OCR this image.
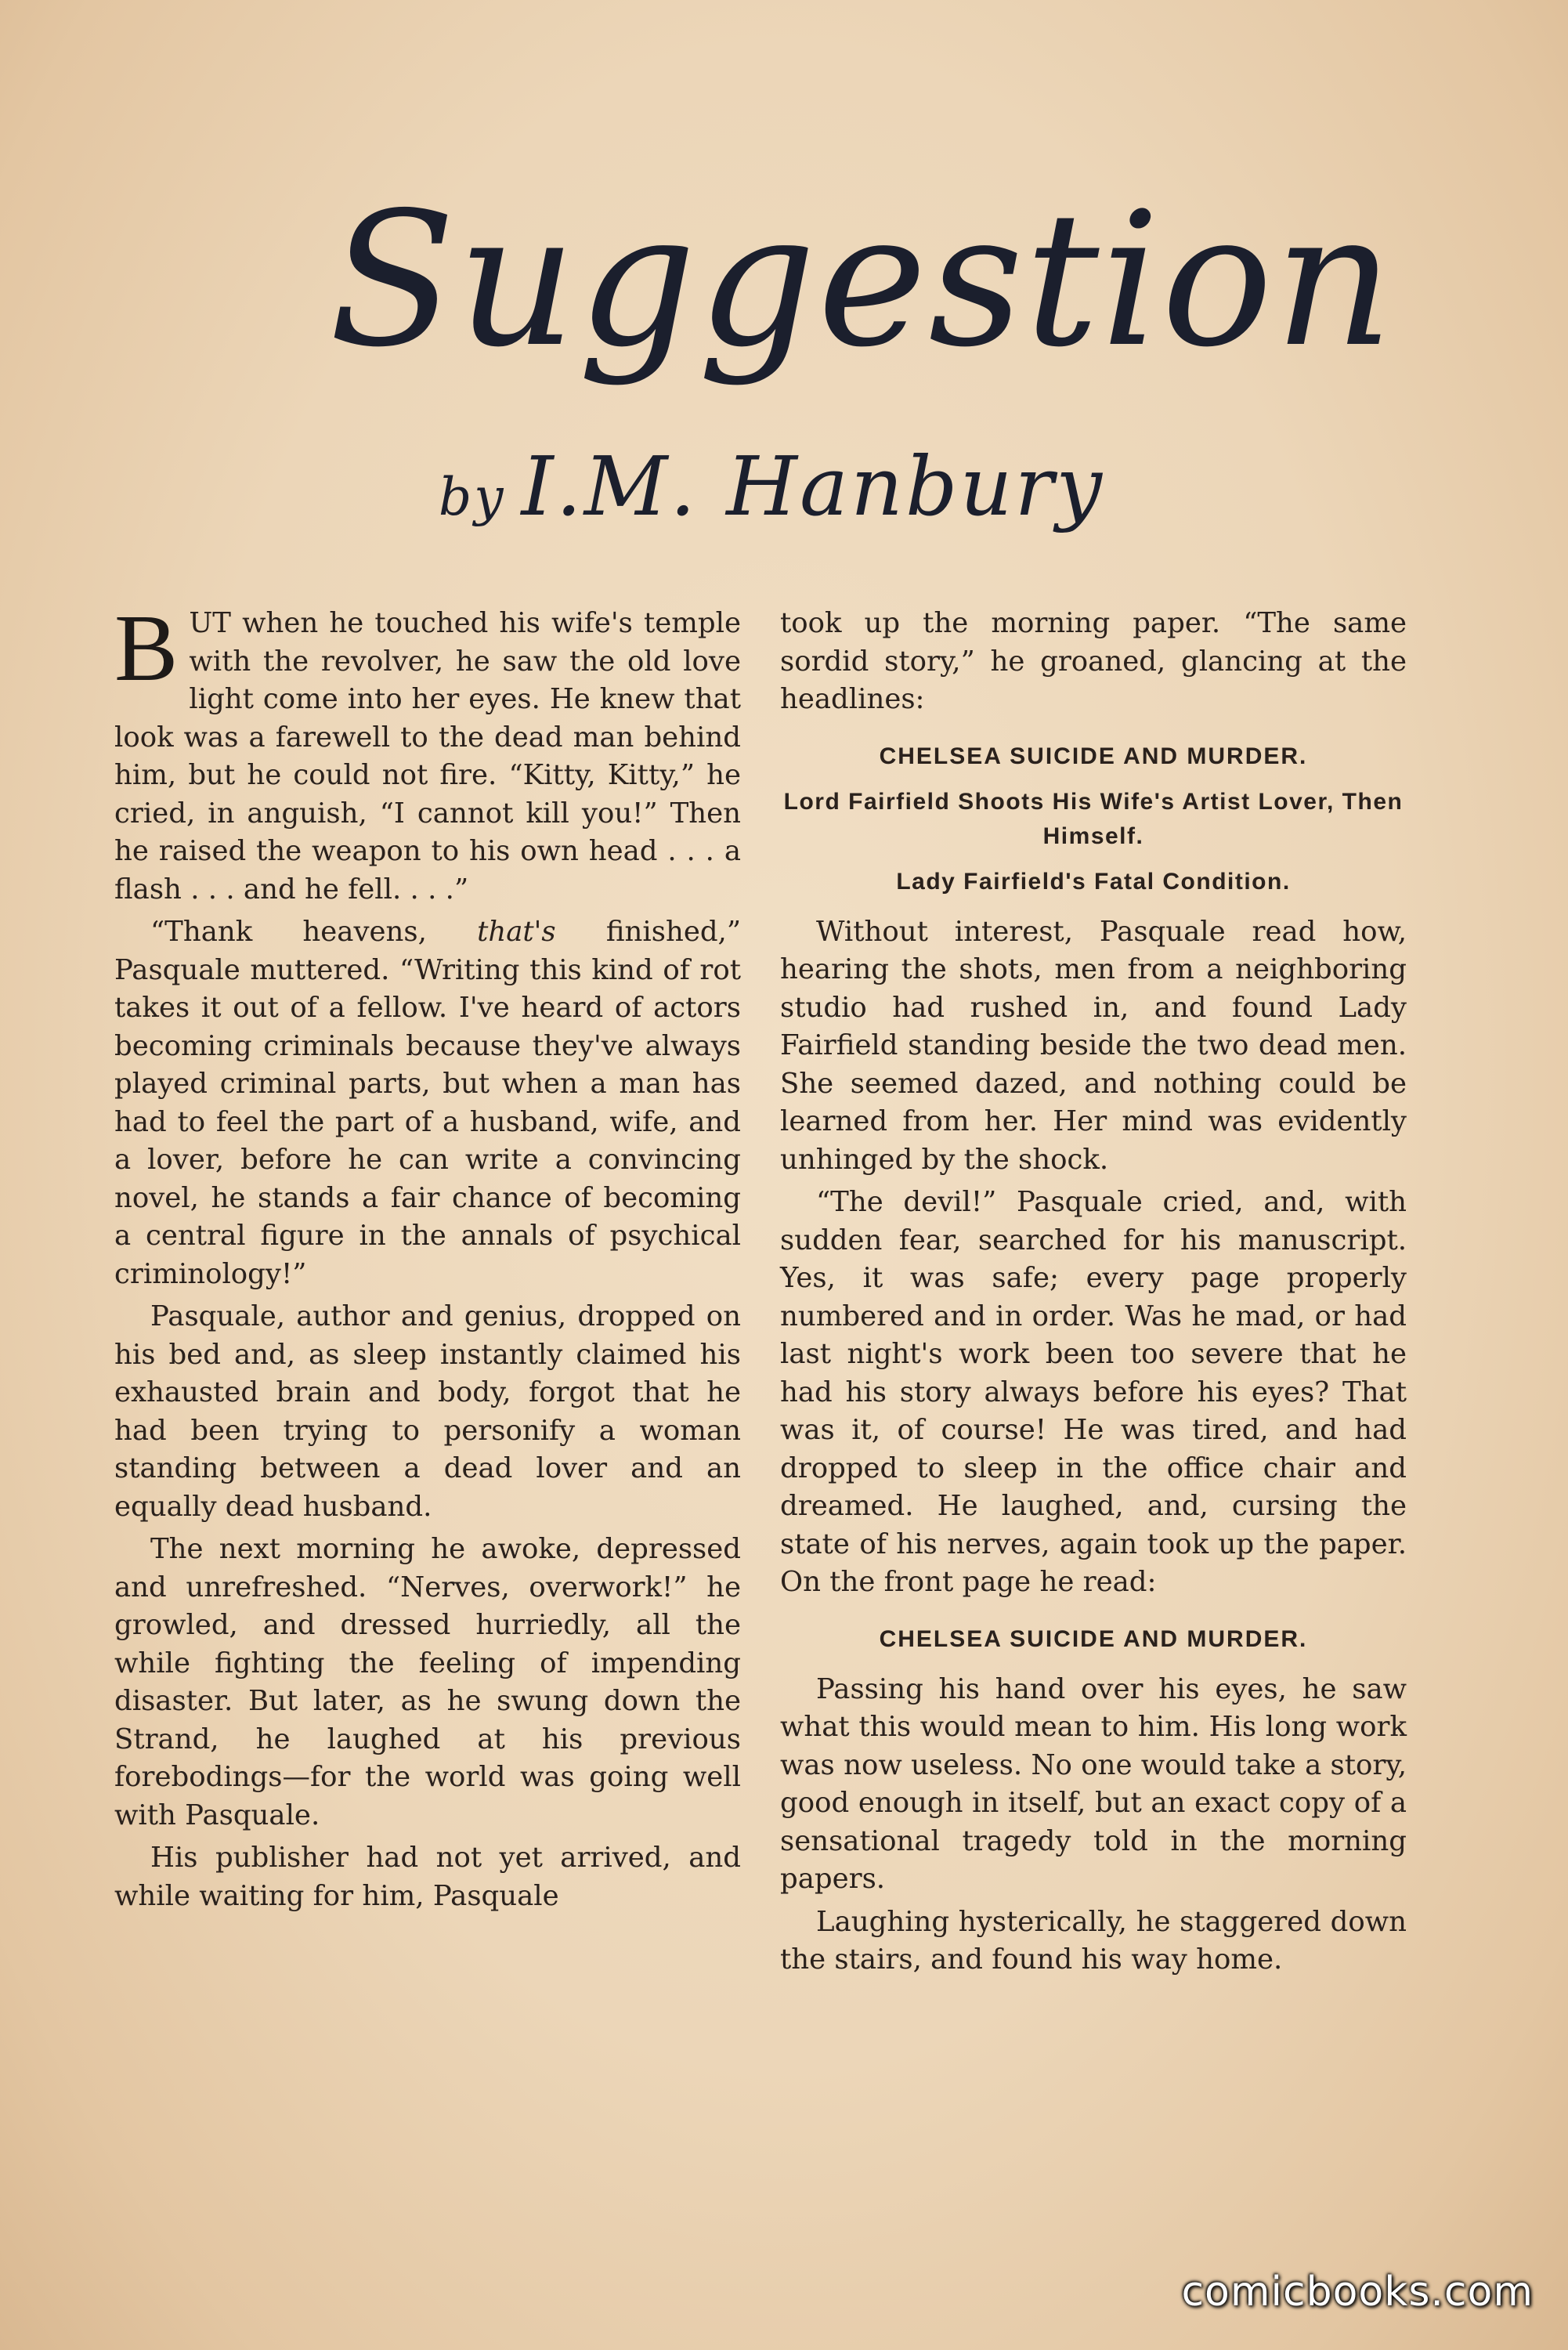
Suggestion
by I.M. Hanbury

BUT when he touched his wife's temple with the revolver, he saw the old love light come into her eyes. He knew that look was a farewell to the dead man behind him, but he could not fire. “Kitty, Kitty,” he cried, in anguish, “I cannot kill you!” Then he raised the weapon to his own head . . . a flash . . . and he fell. . . .”

“Thank heavens, that's finished,” Pasquale muttered. “Writing this kind of rot takes it out of a fellow. I've heard of actors becoming criminals because they've always played criminal parts, but when a man has had to feel the part of a husband, wife, and a lover, before he can write a convincing novel, he stands a fair chance of becoming a central figure in the annals of psychical criminology!”

Pasquale, author and genius, dropped on his bed and, as sleep instantly claimed his exhausted brain and body, forgot that he had been trying to personify a woman standing between a dead lover and an equally dead husband.

The next morning he awoke, depressed and unrefreshed. “Nerves, overwork!” he growled, and dressed hurriedly, all the while fighting the feeling of impending disaster. But later, as he swung down the Strand, he laughed at his previous forebodings—for the world was going well with Pasquale.

His publisher had not yet arrived, and while waiting for him, Pasquale

took up the morning paper. “The same sordid story,” he groaned, glancing at the headlines:

CHELSEA SUICIDE AND MURDER.
Lord Fairfield Shoots His Wife's Artist Lover, Then Himself.
Lady Fairfield's Fatal Condition.

Without interest, Pasquale read how, hearing the shots, men from a neighboring studio had rushed in, and found Lady Fairfield standing beside the two dead men. She seemed dazed, and nothing could be learned from her. Her mind was evidently unhinged by the shock.

“The devil!” Pasquale cried, and, with sudden fear, searched for his manuscript. Yes, it was safe; every page properly numbered and in order. Was he mad, or had last night's work been too severe that he had his story always before his eyes? That was it, of course! He was tired, and had dropped to sleep in the office chair and dreamed. He laughed, and, cursing the state of his nerves, again took up the paper. On the front page he read:

CHELSEA SUICIDE AND MURDER.

Passing his hand over his eyes, he saw what this would mean to him. His long work was now useless. No one would take a story, good enough in itself, but an exact copy of a sensational tragedy told in the morning papers.

Laughing hysterically, he staggered down the stairs, and found his way home.

comicbooks.com
